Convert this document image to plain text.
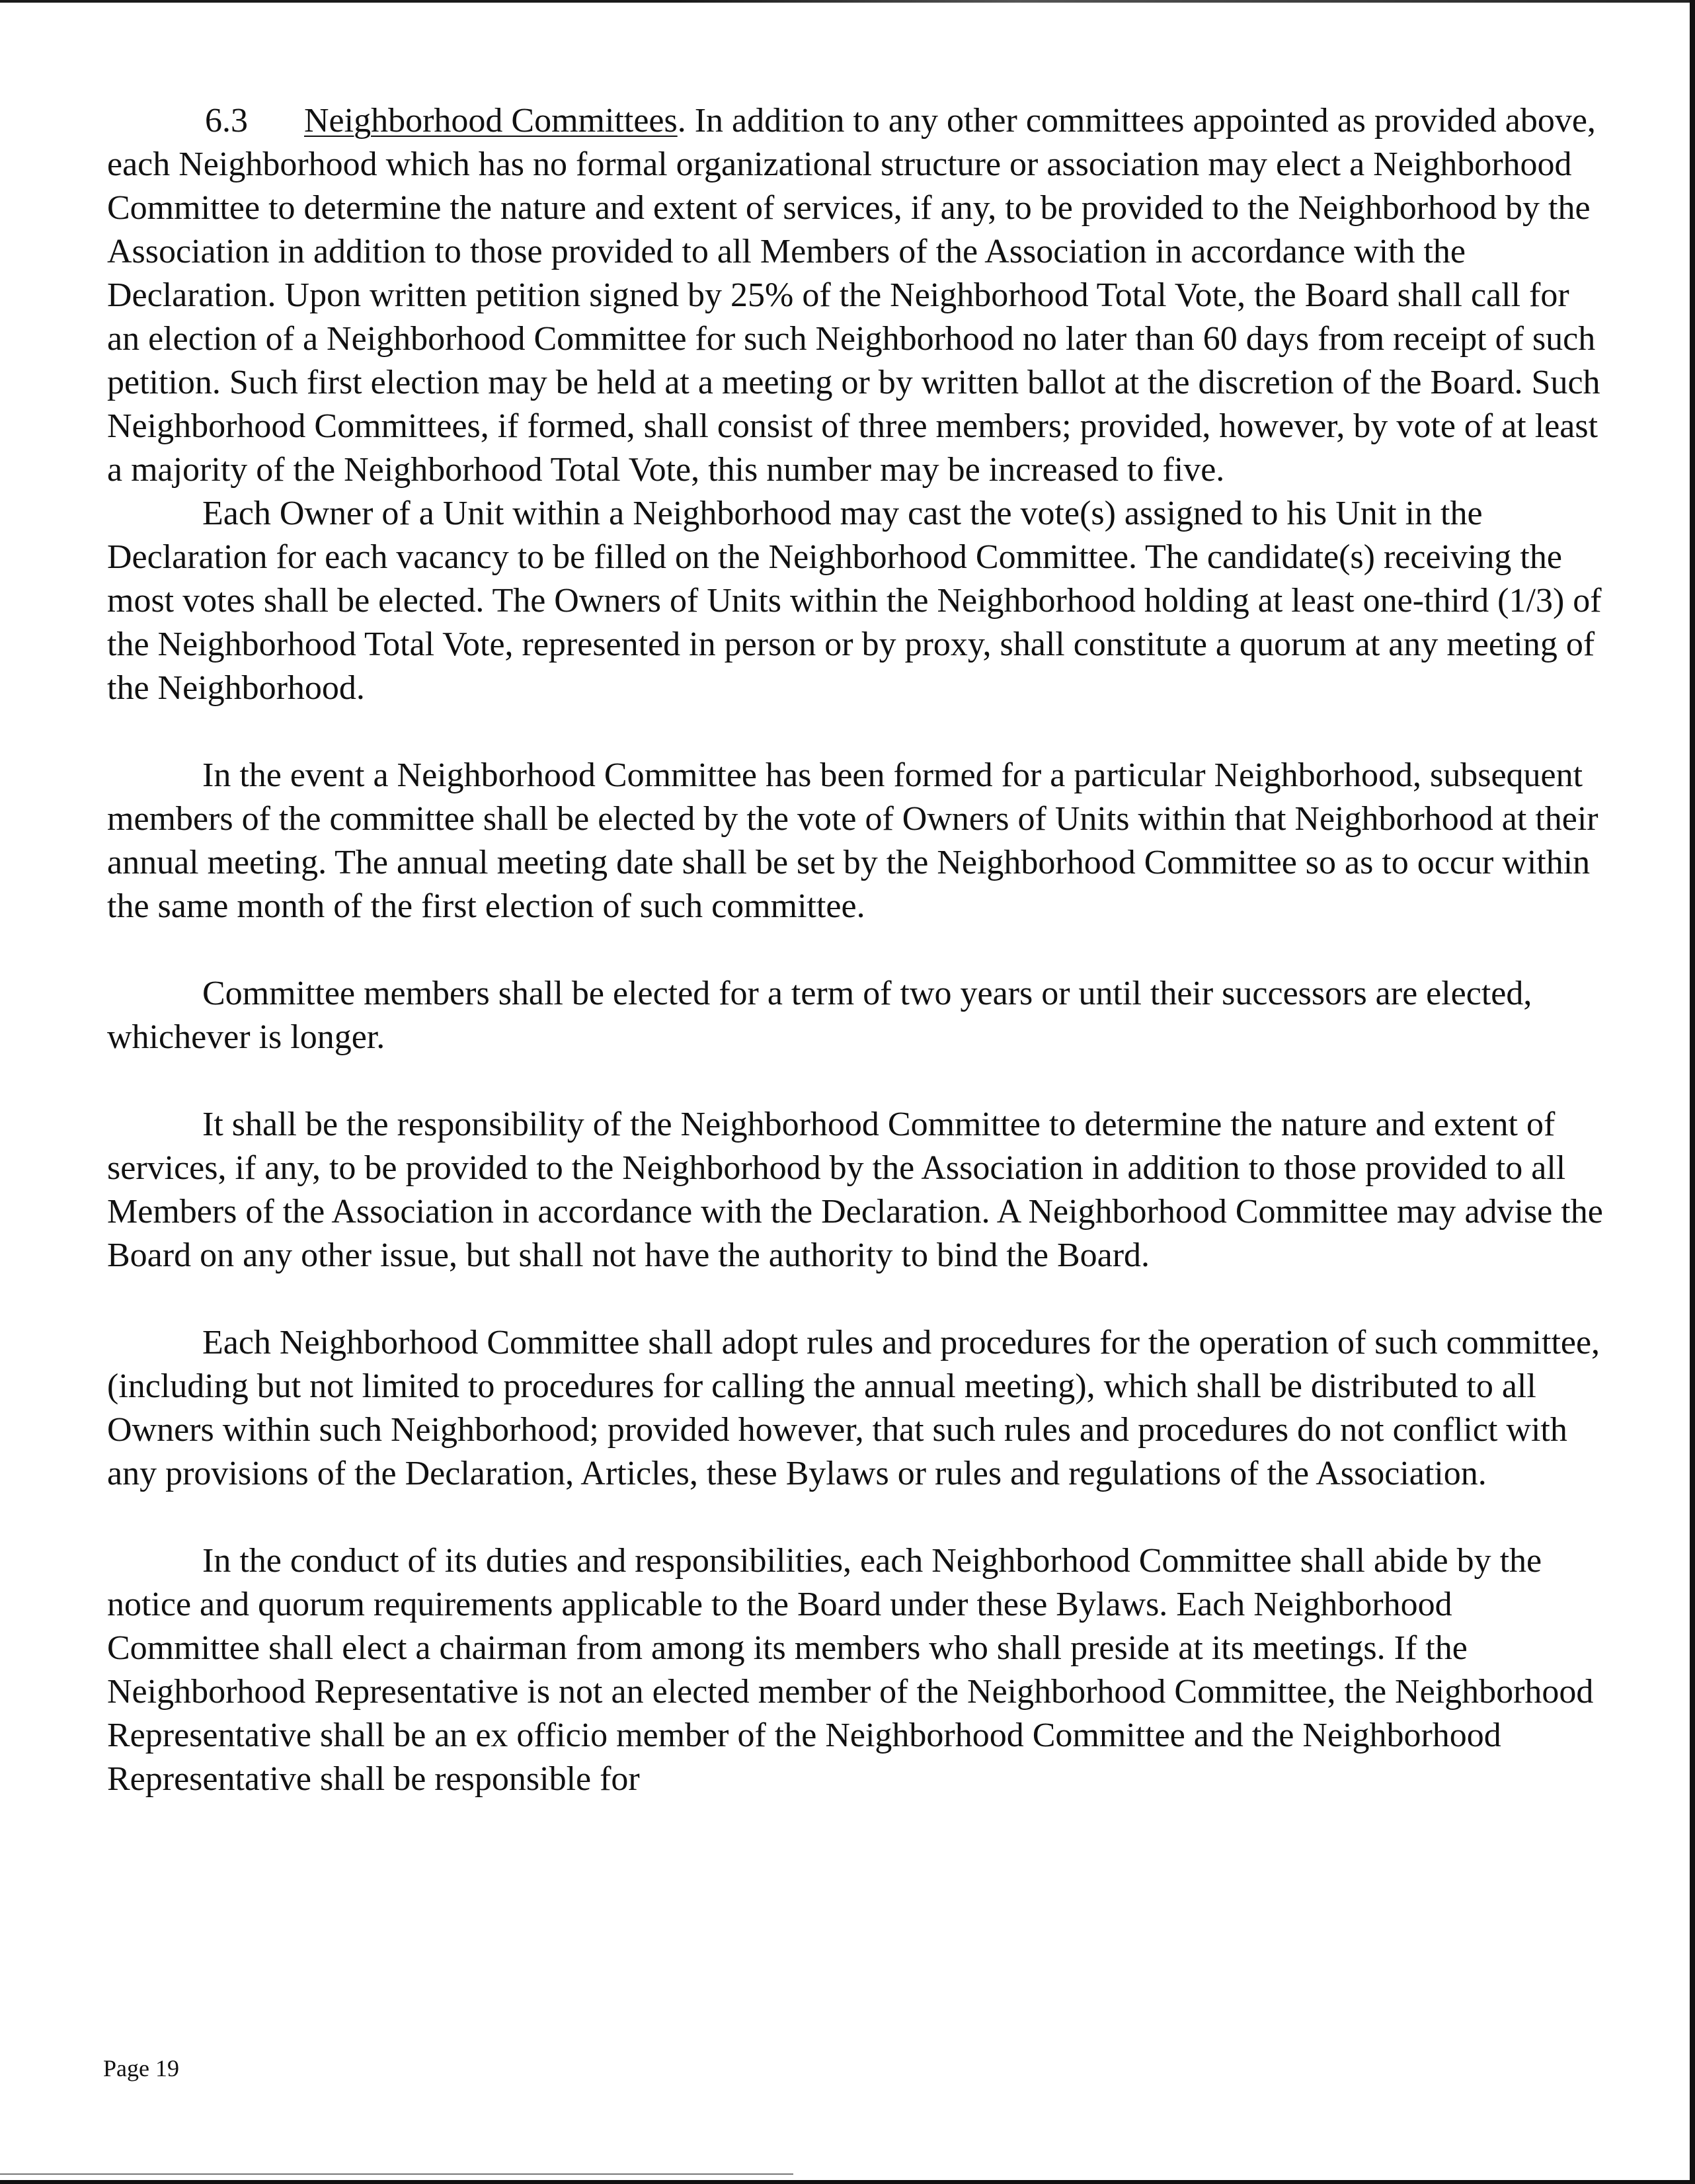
6.3 Neighborhood Committees. In addition to any other committees appointed as provided above, each Neighborhood which has no formal organizational structure or association may elect a Neighborhood Committee to determine the nature and extent of services, if any, to be provided to the Neighborhood by the Association in addition to those provided to all Members of the Association in accordance with the Declaration. Upon written petition signed by 25% of the Neighborhood Total Vote, the Board shall call for an election of a Neighborhood Committee for such Neighborhood no later than 60 days from receipt of such petition. Such first election may be held at a meeting or by written ballot at the discretion of the Board. Such Neighborhood Committees, if formed, shall consist of three members; provided, however, by vote of at least a majority of the Neighborhood Total Vote, this number may be increased to five.

Each Owner of a Unit within a Neighborhood may cast the vote(s) assigned to his Unit in the Declaration for each vacancy to be filled on the Neighborhood Committee. The candidate(s) receiving the most votes shall be elected. The Owners of Units within the Neighborhood holding at least one-third (1/3) of the Neighborhood Total Vote, represented in person or by proxy, shall constitute a quorum at any meeting of the Neighborhood.

In the event a Neighborhood Committee has been formed for a particular Neighborhood, subsequent members of the committee shall be elected by the vote of Owners of Units within that Neighborhood at their annual meeting. The annual meeting date shall be set by the Neighborhood Committee so as to occur within the same month of the first election of such committee.

Committee members shall be elected for a term of two years or until their successors are elected, whichever is longer.

It shall be the responsibility of the Neighborhood Committee to determine the nature and extent of services, if any, to be provided to the Neighborhood by the Association in addition to those provided to all Members of the Association in accordance with the Declaration. A Neighborhood Committee may advise the Board on any other issue, but shall not have the authority to bind the Board.

Each Neighborhood Committee shall adopt rules and procedures for the operation of such committee, (including but not limited to procedures for calling the annual meeting), which shall be distributed to all Owners within such Neighborhood; provided however, that such rules and procedures do not conflict with any provisions of the Declaration, Articles, these Bylaws or rules and regulations of the Association.

In the conduct of its duties and responsibilities, each Neighborhood Committee shall abide by the notice and quorum requirements applicable to the Board under these Bylaws. Each Neighborhood Committee shall elect a chairman from among its members who shall preside at its meetings. If the Neighborhood Representative is not an elected member of the Neighborhood Committee, the Neighborhood Representative shall be an ex officio member of the Neighborhood Committee and the Neighborhood Representative shall be responsible for

Page 19
